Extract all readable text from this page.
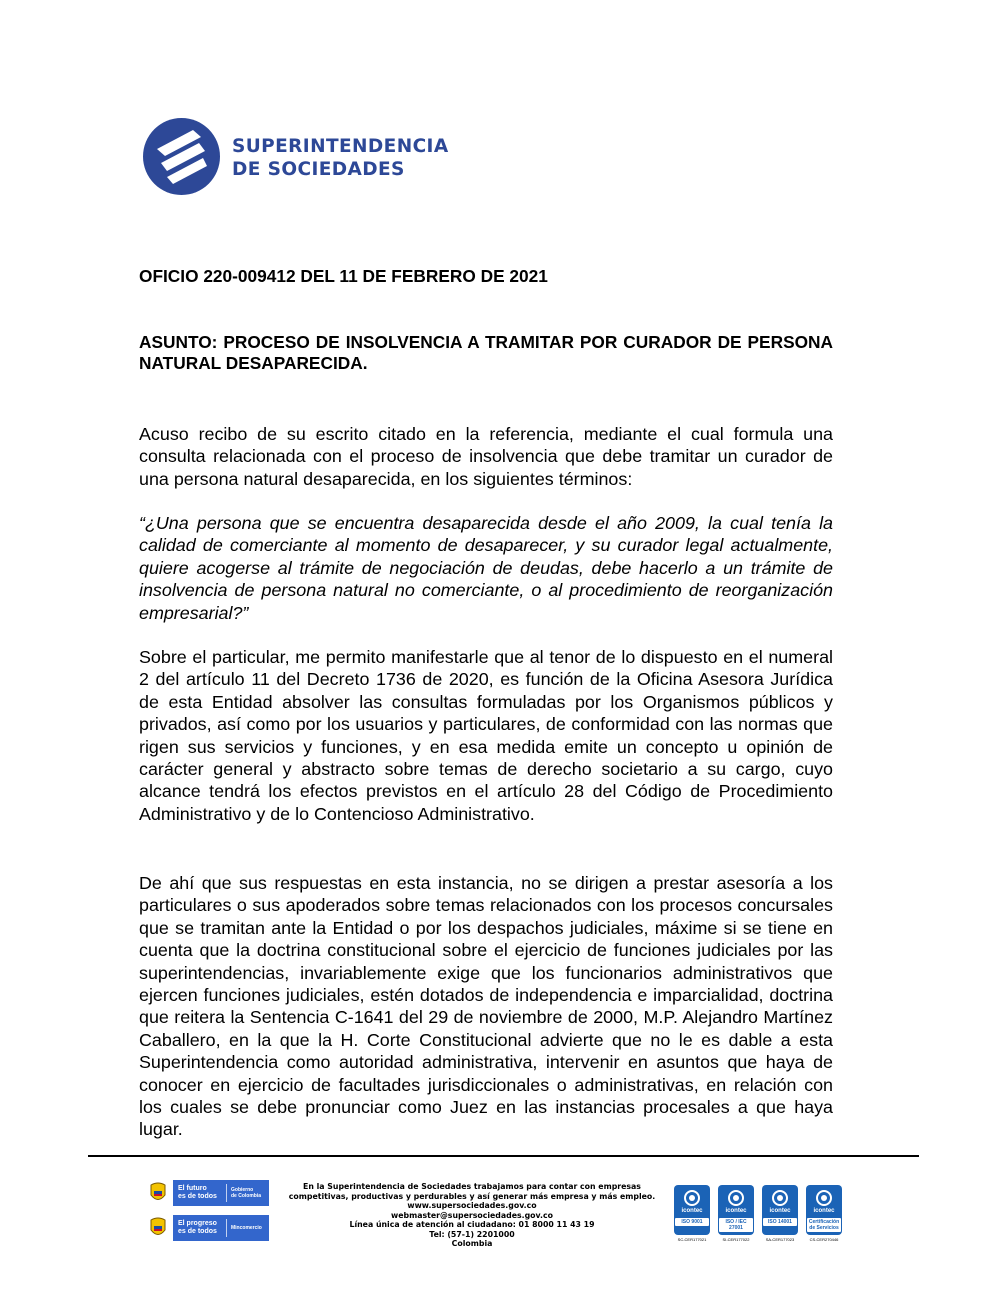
SUPERINTENDENCIA
DE SOCIEDADES
OFICIO 220-009412 DEL 11 DE FEBRERO DE 2021
ASUNTO: PROCESO DE INSOLVENCIA A TRAMITAR POR CURADOR DE PERSONA NATURAL DESAPARECIDA.
Acuso recibo de su escrito citado en la referencia, mediante el cual formula una consulta relacionada con el proceso de insolvencia que debe tramitar un curador de una persona natural desaparecida, en los siguientes términos:
“¿Una persona que se encuentra desaparecida desde el año 2009, la cual tenía la calidad de comerciante al momento de desaparecer, y su curador legal actualmente, quiere acogerse al trámite de negociación de deudas, debe hacerlo a un trámite de insolvencia de persona natural no comerciante, o al procedimiento de reorganización empresarial?”
Sobre el particular, me permito manifestarle que al tenor de lo dispuesto en el numeral 2 del artículo 11 del Decreto 1736 de 2020, es función de la Oficina Asesora Jurídica de esta Entidad absolver las consultas formuladas por los Organismos públicos y privados, así como por los usuarios y particulares, de conformidad con las normas que rigen sus servicios y funciones, y en esa medida emite un concepto u opinión de carácter general y abstracto sobre temas de derecho societario a su cargo, cuyo alcance tendrá los efectos previstos en el artículo 28 del Código de Procedimiento Administrativo y de lo Contencioso Administrativo.
De ahí que sus respuestas en esta instancia, no se dirigen a prestar asesoría a los particulares o sus apoderados sobre temas relacionados con los procesos concursales que se tramitan ante la Entidad o por los despachos judiciales, máxime si se tiene en cuenta que la doctrina constitucional sobre el ejercicio de funciones judiciales por las superintendencias, invariablemente exige que los funcionarios administrativos que ejercen funciones judiciales, estén dotados de independencia e imparcialidad, doctrina que reitera la Sentencia C-1641 del 29 de noviembre de 2000, M.P. Alejandro Martínez Caballero, en la que la H. Corte Constitucional advierte que no le es dable a esta Superintendencia como autoridad administrativa, intervenir en asuntos que haya de conocer en ejercicio de facultades jurisdiccionales o administrativas, en relación con los cuales se debe pronunciar como Juez en las instancias procesales a que haya lugar.
El futuro
es de todos
Gobierno
de Colombia
El progreso
es de todos	Mincomercio
En la Superintendencia de Sociedades trabajamos para contar con empresas
competitivas, productivas y perdurables y así generar más empresa y más empleo.
www.supersociedades.gov.co
webmaster@supersociedades.gov.co
Línea única de atención al ciudadano: 01 8000 11 43 19
Tel: (57-1) 2201000
Colombia
icontec
ISO 9001
SC-CER177021
icontec
ISO / IEC
27001
SI-CER177022
icontec
ISO 14001
SA-CER177023
icontec
Certificación
de Servicios
CS-CER270446
